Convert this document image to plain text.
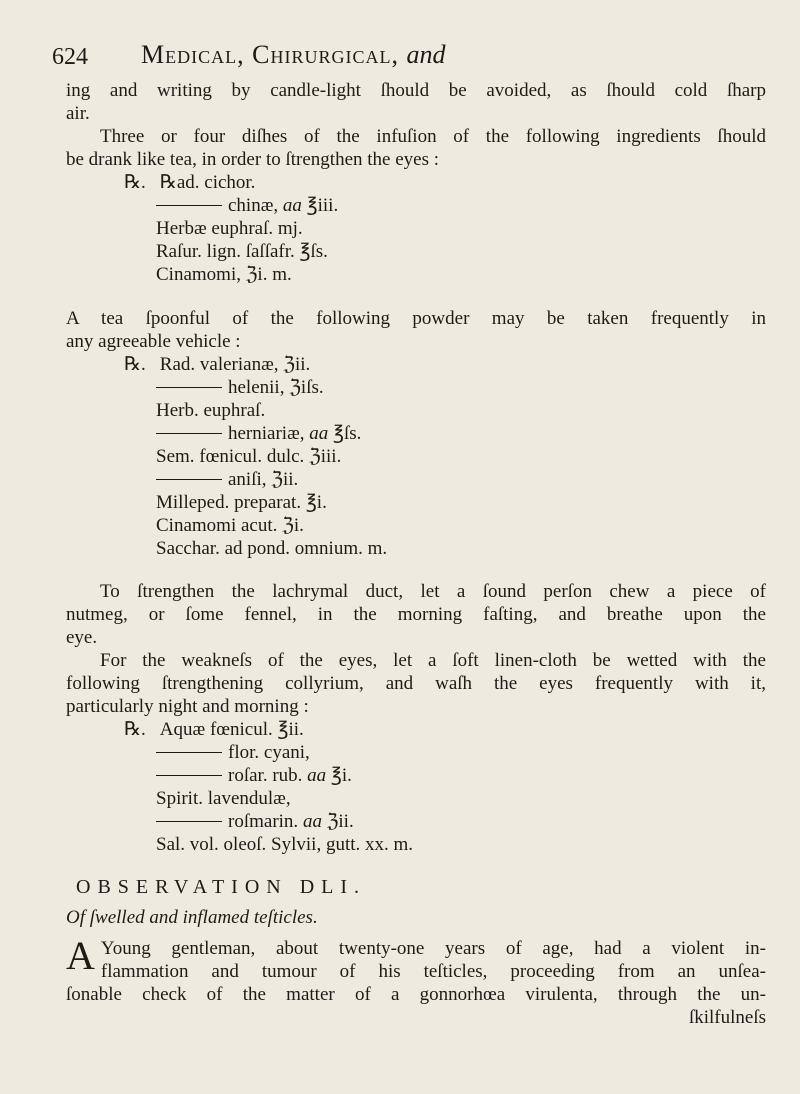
624 Medical, Chirurgical, and

ing and writing by candle-light ſhould be avoided, as ſhould cold ſharp
air.

Three or four diſhes of the infuſion of the following ingredients ſhould
be drank like tea, in order to ſtrengthen the eyes :

℞. ℞ad. cichor.
chinæ, aa ℥iii.
Herbæ euphraſ. mj.
Raſur. lign. ſaſſafr. ℥ſs.
Cinamomi, ℨi. m.

A tea ſpoonful of the following powder may be taken frequently in
any agreeable vehicle :

℞. Rad. valerianæ, ℨii.
helenii, ℨiſs.
Herb. euphraſ.
herniariæ, aa ℥ſs.
Sem. fœnicul. dulc. ℨiii.
aniſi, ℨii.
Milleped. preparat. ℥i.
Cinamomi acut. ℨi.
Sacchar. ad pond. omnium. m.

To ſtrengthen the lachrymal duct, let a ſound perſon chew a piece of
nutmeg, or ſome fennel, in the morning faſting, and breathe upon the
eye.

For the weakneſs of the eyes, let a ſoft linen-cloth be wetted with the
following ſtrengthening collyrium, and waſh the eyes frequently with it,
particularly night and morning :

℞. Aquæ fœnicul. ℥ii.
flor. cyani,
roſar. rub. aa ℥i.
Spirit. lavendulæ,
roſmarin. aa ℨii.
Sal. vol. oleoſ. Sylvii, gutt. xx. m.

OBSERVATION DLI.

Of ſwelled and inflamed teſticles.

A Young gentleman, about twenty-one years of age, had a violent in-
flammation and tumour of his teſticles, proceeding from an unſea-
ſonable check of the matter of a gonnorhœa virulenta, through the un-
ſkilfulneſs
